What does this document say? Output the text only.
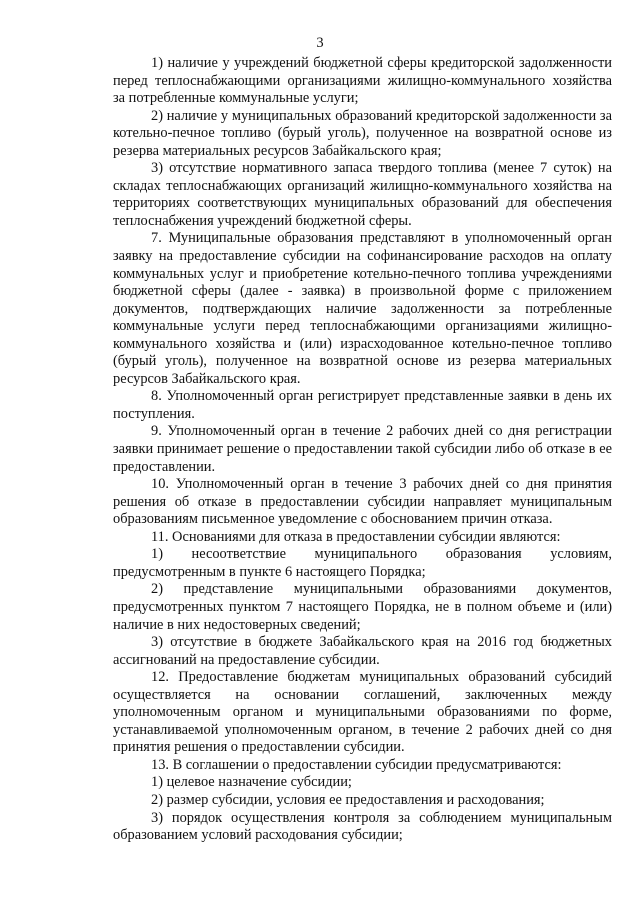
3

1) наличие у учреждений бюджетной сферы кредиторской задолженности перед теплоснабжающими организациями жилищно-коммунального хозяйства за потребленные коммунальные услуги;

2) наличие у муниципальных образований кредиторской задолженности за котельно-печное топливо (бурый уголь), полученное на возвратной основе из резерва материальных ресурсов Забайкальского края;

3) отсутствие нормативного запаса твердого топлива (менее 7 суток) на складах теплоснабжающих организаций жилищно-коммунального хозяйства на территориях соответствующих муниципальных образований для обеспечения теплоснабжения учреждений бюджетной сферы.

7. Муниципальные образования представляют в уполномоченный орган заявку на предоставление субсидии на софинансирование расходов на оплату коммунальных услуг и приобретение котельно-печного топлива учреждениями бюджетной сферы (далее - заявка) в произвольной форме с приложением документов, подтверждающих наличие задолженности за потребленные коммунальные услуги перед теплоснабжающими организациями жилищно-коммунального хозяйства и (или) израсходованное котельно-печное топливо (бурый уголь), полученное на возвратной основе из резерва материальных ресурсов Забайкальского края.

8. Уполномоченный орган регистрирует представленные заявки в день их поступления.

9. Уполномоченный орган в течение 2 рабочих дней со дня регистрации заявки принимает решение о предоставлении такой субсидии либо об отказе в ее предоставлении.

10. Уполномоченный орган в течение 3 рабочих дней со дня принятия решения об отказе в предоставлении субсидии направляет муниципальным образованиям письменное уведомление с обоснованием причин отказа.

11. Основаниями для отказа в предоставлении субсидии являются:

1) несоответствие муниципального образования условиям, предусмотренным в пункте 6 настоящего Порядка;

2) представление муниципальными образованиями документов, предусмотренных пунктом 7 настоящего Порядка, не в полном объеме и (или) наличие в них недостоверных сведений;

3) отсутствие в бюджете Забайкальского края на 2016 год бюджетных ассигнований на предоставление субсидии.

12. Предоставление бюджетам муниципальных образований субсидий осуществляется на основании соглашений, заключенных между уполномоченным органом и муниципальными образованиями по форме, устанавливаемой уполномоченным органом, в течение 2 рабочих дней со дня принятия решения о предоставлении субсидии.

13. В соглашении о предоставлении субсидии предусматриваются:

1) целевое назначение субсидии;

2) размер субсидии, условия ее предоставления и расходования;

3) порядок осуществления контроля за соблюдением муниципальным образованием условий расходования субсидии;
